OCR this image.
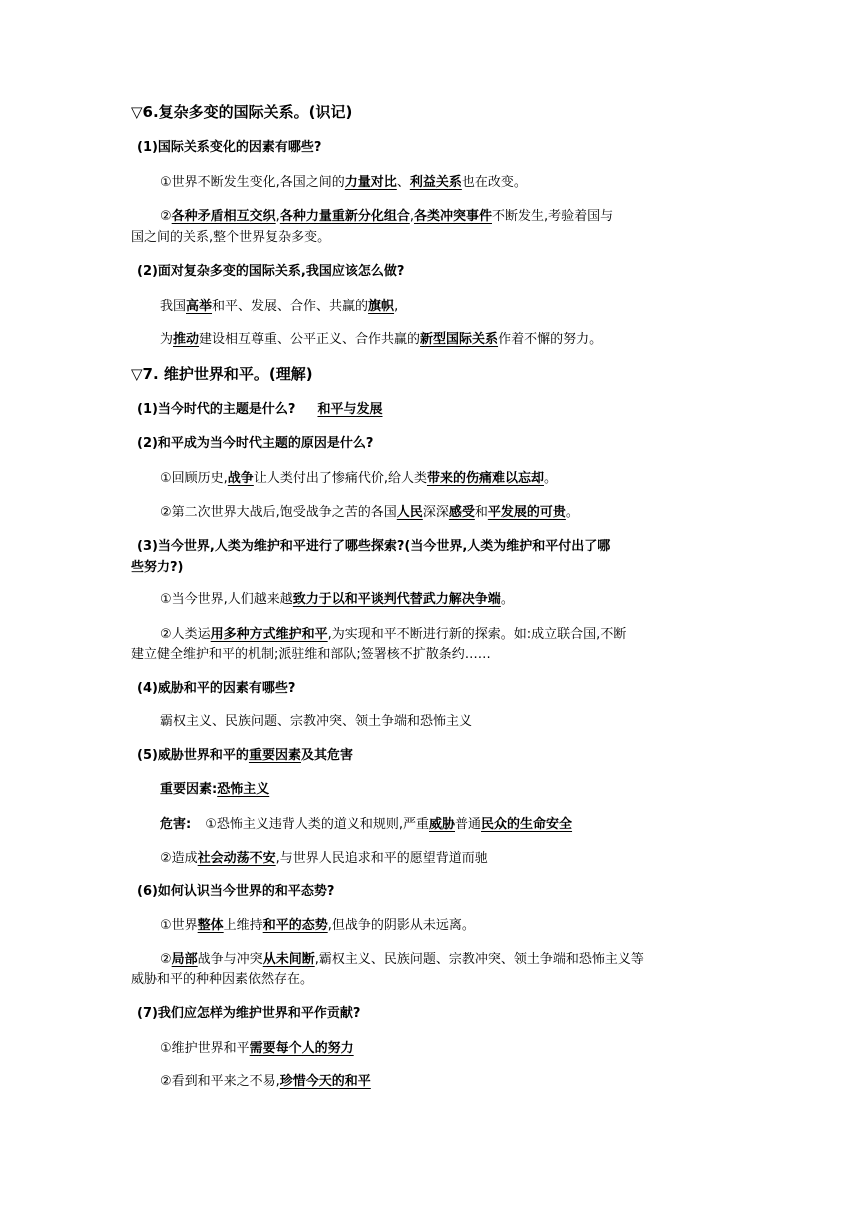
▽6.复杂多变的国际关系。(识记)

(1)国际关系变化的因素有哪些?

①世界不断发生变化,各国之间的力量对比、利益关系也在改变。

②各种矛盾相互交织,各种力量重新分化组合,各类冲突事件不断发生,考验着国与

国之间的关系,整个世界复杂多变。

(2)面对复杂多变的国际关系,我国应该怎么做?

我国高举和平、发展、合作、共赢的旗帜,

为推动建设相互尊重、公平正义、合作共赢的新型国际关系作着不懈的努力。

▽7. 维护世界和平。(理解)

(1)当今时代的主题是什么? 和平与发展

(2)和平成为当今时代主题的原因是什么?

①回顾历史,战争让人类付出了惨痛代价,给人类带来的伤痛难以忘却。

②第二次世界大战后,饱受战争之苦的各国人民深深感受和平发展的可贵。

(3)当今世界,人类为维护和平进行了哪些探索?(当今世界,人类为维护和平付出了哪

些努力?)

①当今世界,人们越来越致力于以和平谈判代替武力解决争端。

②人类运用多种方式维护和平,为实现和平不断进行新的探索。如:成立联合国,不断

建立健全维护和平的机制;派驻维和部队;签署核不扩散条约……

(4)威胁和平的因素有哪些?

霸权主义、民族问题、宗教冲突、领土争端和恐怖主义

(5)威胁世界和平的重要因素及其危害

重要因素:恐怖主义

危害: ①恐怖主义违背人类的道义和规则,严重威胁普通民众的生命安全

②造成社会动荡不安,与世界人民追求和平的愿望背道而驰

(6)如何认识当今世界的和平态势?

①世界整体上维持和平的态势,但战争的阴影从未远离。

②局部战争与冲突从未间断,霸权主义、民族问题、宗教冲突、领土争端和恐怖主义等

威胁和平的种种因素依然存在。

(7)我们应怎样为维护世界和平作贡献?

①维护世界和平需要每个人的努力

②看到和平来之不易,珍惜今天的和平
